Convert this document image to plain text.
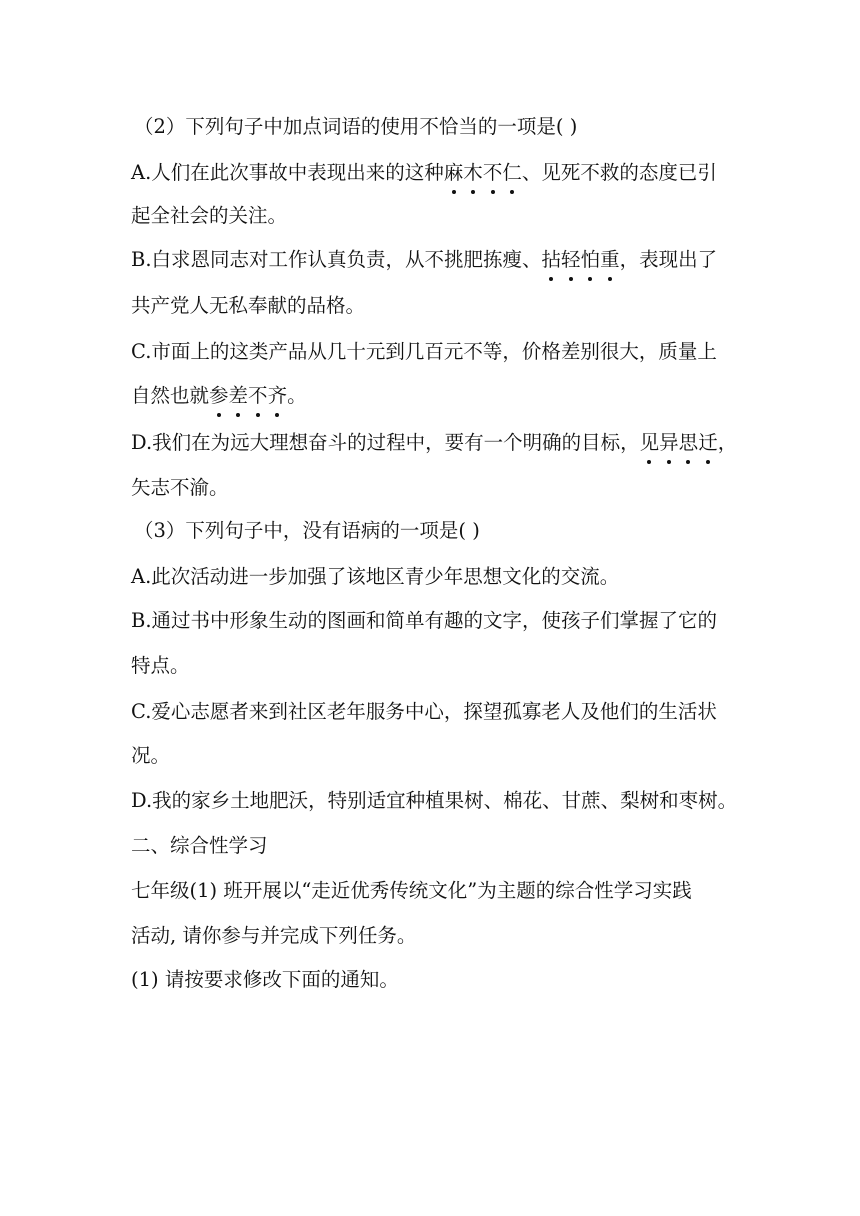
（2）下列句子中加点词语的使用不恰当的一项是( )
A.人们在此次事故中表现出来的这种麻木不仁、见死不救的态度已引
起全社会的关注。
B.白求恩同志对工作认真负责，从不挑肥拣瘦、拈轻怕重，表现出了
共产党人无私奉献的品格。
C.市面上的这类产品从几十元到几百元不等，价格差别很大，质量上
自然也就参差不齐。
D.我们在为远大理想奋斗的过程中，要有一个明确的目标，见异思迁，
矢志不渝。
（3）下列句子中，没有语病的一项是( )
A.此次活动进一步加强了该地区青少年思想文化的交流。
B.通过书中形象生动的图画和简单有趣的文字，使孩子们掌握了它的
特点。
C.爱心志愿者来到社区老年服务中心，探望孤寡老人及他们的生活状
况。
D.我的家乡土地肥沃，特别适宜种植果树、棉花、甘蔗、梨树和枣树。
二、综合性学习
七年级(1) 班开展以“走近优秀传统文化”为主题的综合性学习实践
活动, 请你参与并完成下列任务。
(1) 请按要求修改下面的通知。
